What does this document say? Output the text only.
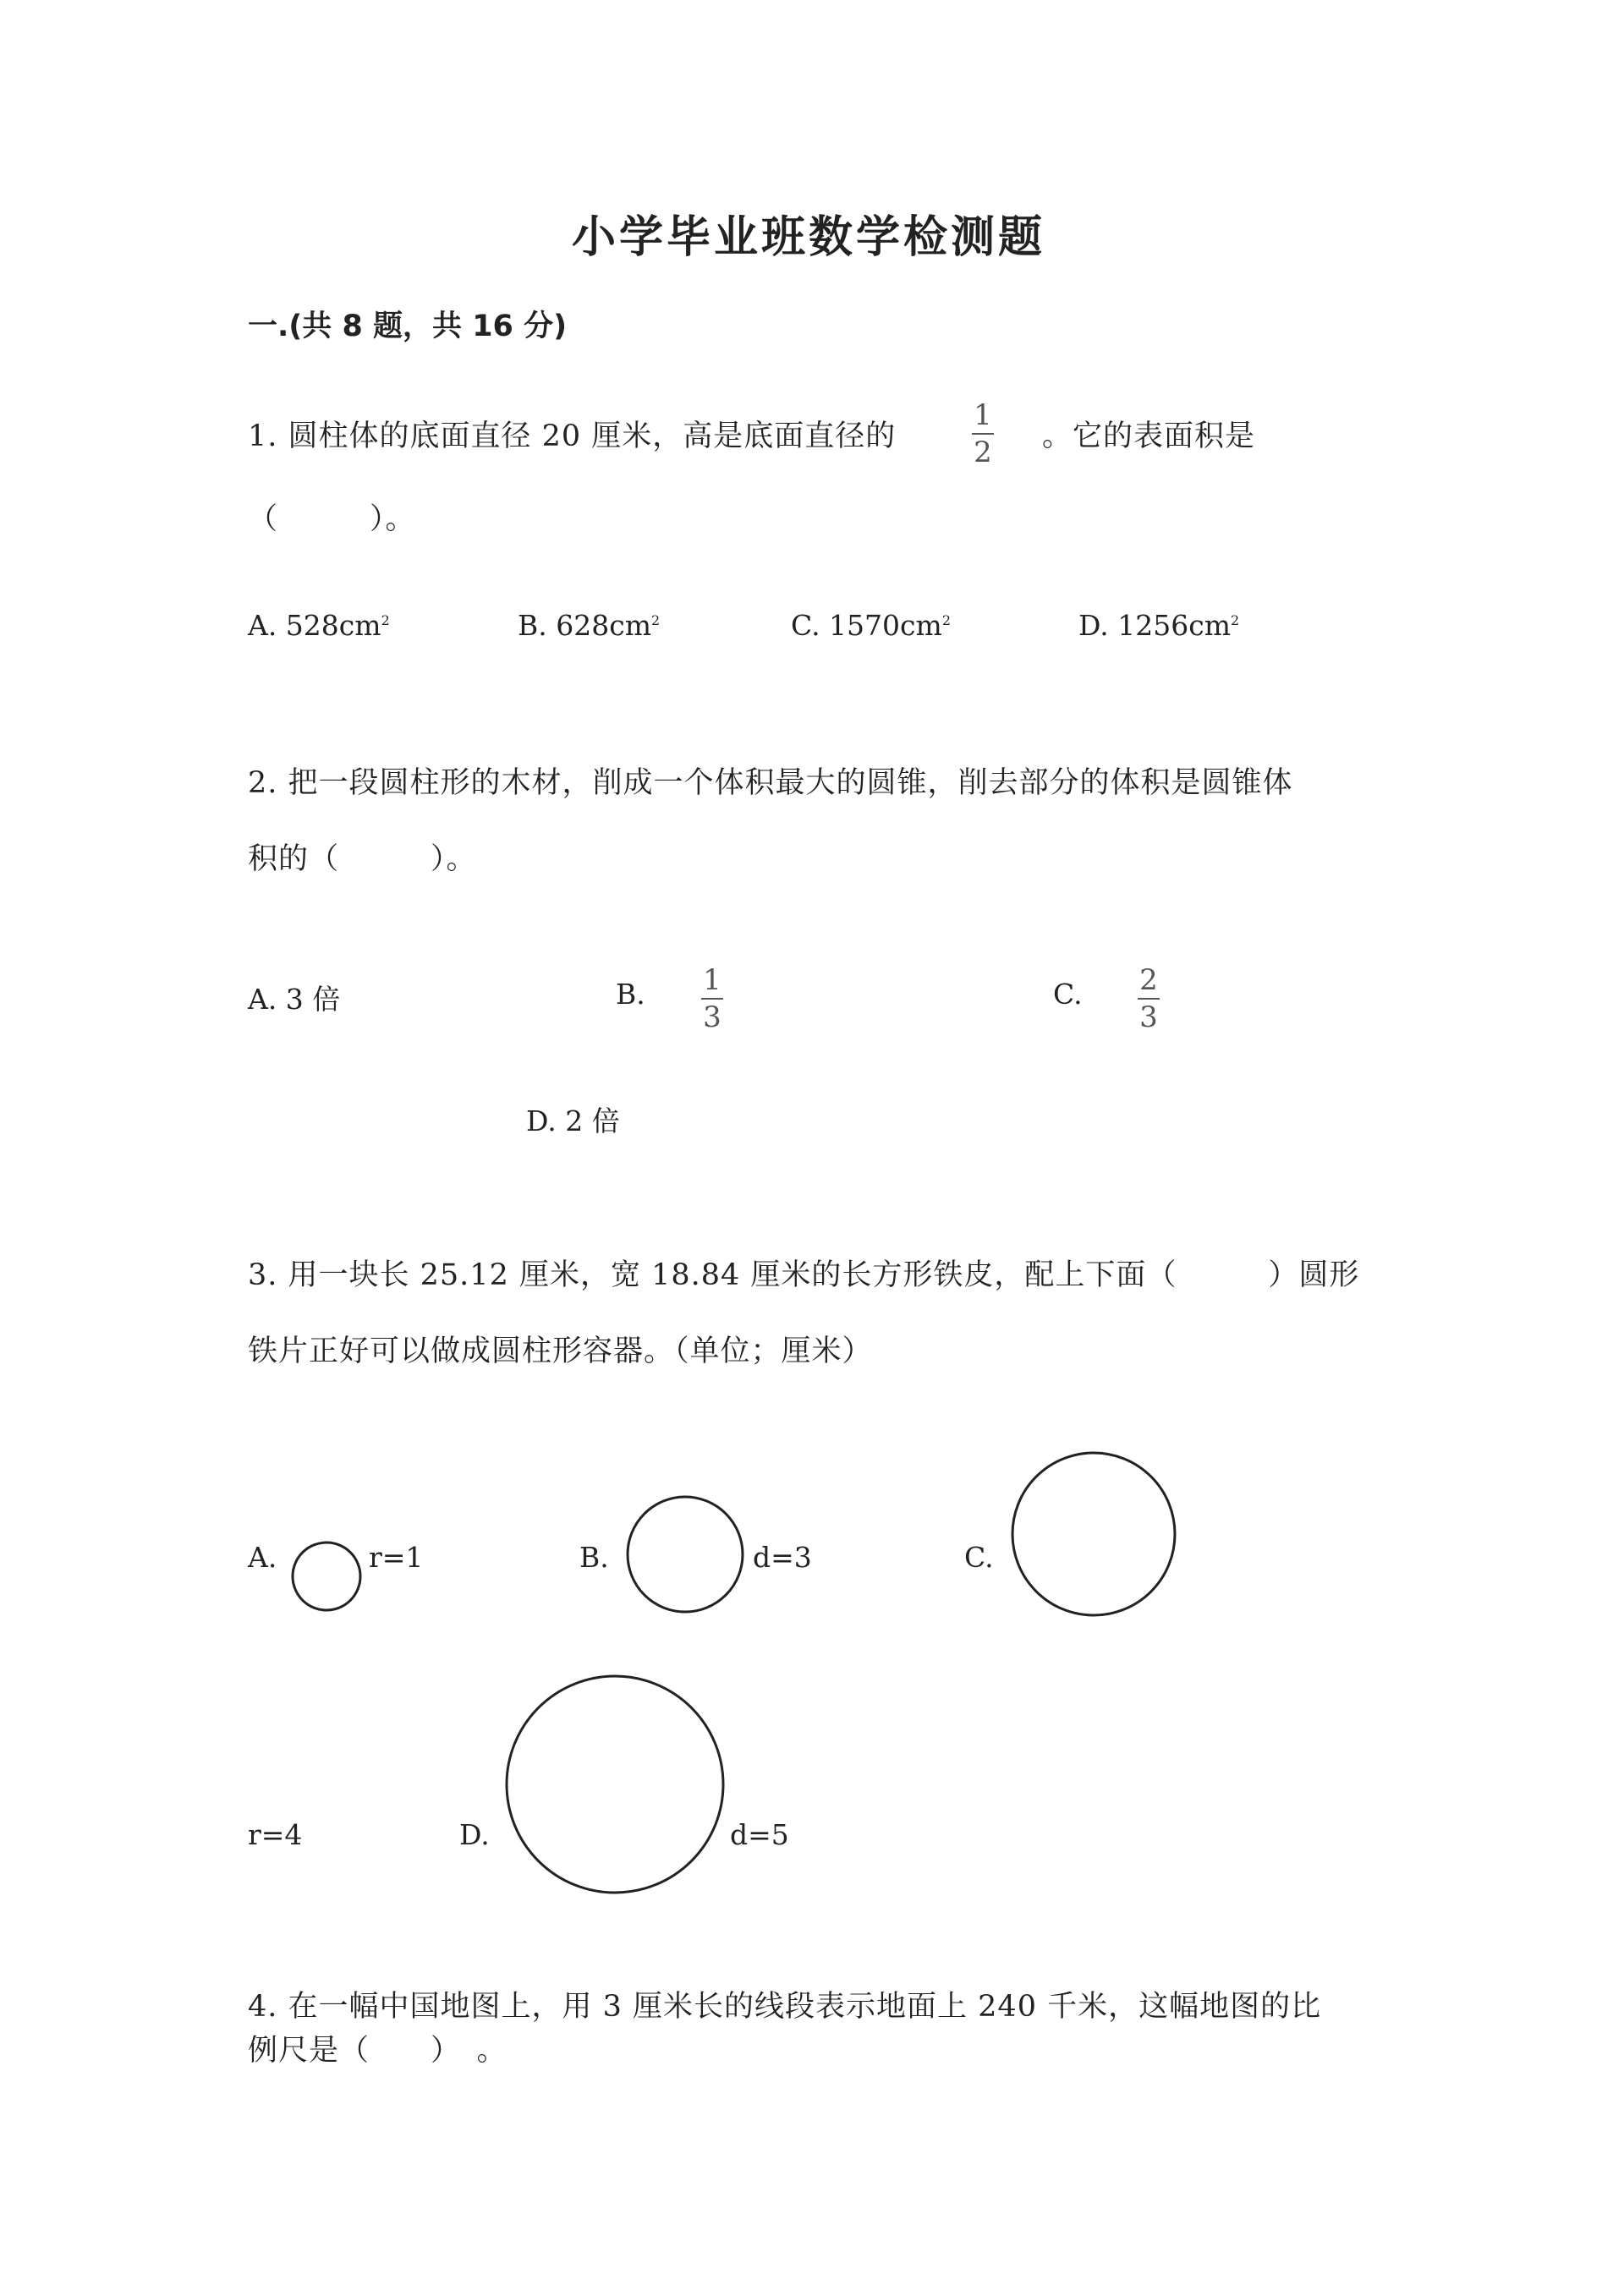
小学毕业班数学检测题
一.(共 8 题，共 16 分)
1. 圆柱体的底面直径 20 厘米，高是底面直径的
1
2 。它的表面积是
（　　　）。
A. $528cm^2$	B. $628cm^2$	C. $1570cm^2$	D. $1256cm^2$
2. 把一段圆柱形的木材，削成一个体积最大的圆锥，削去部分的体积是圆锥体
积的（　　　）。
A. 3 倍	B. 1
3
C. 2
3
D. 2 倍
3. 用一块长 25.12 厘米，宽 18.84 厘米的长方形铁皮，配上下面（　　　）圆形
铁片正好可以做成圆柱形容器。（单位；厘米）
A.	r=1	B.	d=3	C.
r=4	D.	d=5
4. 在一幅中国地图上，用 3 厘米长的线段表示地面上 240 千米，这幅地图的比
例尺是（　　）　。
